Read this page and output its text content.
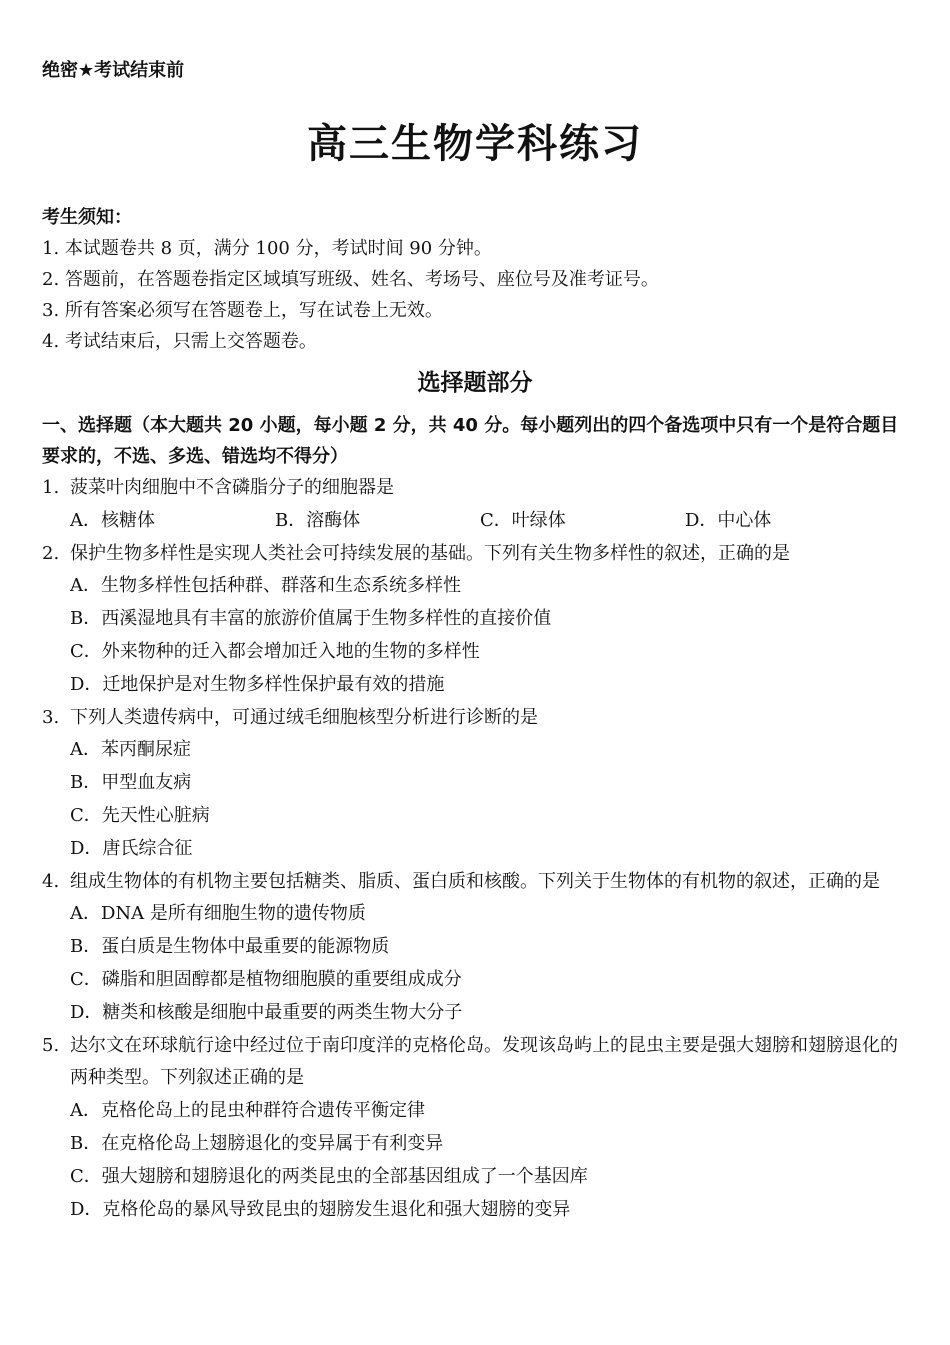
绝密★考试结束前
高三生物学科练习
考生须知：
1. 本试题卷共 8 页，满分 100 分，考试时间 90 分钟。
2. 答题前，在答题卷指定区域填写班级、姓名、考场号、座位号及准考证号。
3. 所有答案必须写在答题卷上，写在试卷上无效。
4. 考试结束后，只需上交答题卷。
选择题部分
一、选择题（本大题共 20 小题，每小题 2 分，共 40 分。每小题列出的四个备选项中只有一个是符合题目要求的，不选、多选、错选均不得分）
1. 菠菜叶肉细胞中不含磷脂分子的细胞器是
A．核糖体	B．溶酶体	C．叶绿体	D．中心体
2. 保护生物多样性是实现人类社会可持续发展的基础。下列有关生物多样性的叙述，正确的是
A．生物多样性包括种群、群落和生态系统多样性
B．西溪湿地具有丰富的旅游价值属于生物多样性的直接价值
C．外来物种的迁入都会增加迁入地的生物的多样性
D．迁地保护是对生物多样性保护最有效的措施
3. 下列人类遗传病中，可通过绒毛细胞核型分析进行诊断的是
A．苯丙酮尿症
B．甲型血友病
C．先天性心脏病
D．唐氏综合征
4. 组成生物体的有机物主要包括糖类、脂质、蛋白质和核酸。下列关于生物体的有机物的叙述，正确的是
A．DNA 是所有细胞生物的遗传物质
B．蛋白质是生物体中最重要的能源物质
C．磷脂和胆固醇都是植物细胞膜的重要组成成分
D．糖类和核酸是细胞中最重要的两类生物大分子
5. 达尔文在环球航行途中经过位于南印度洋的克格伦岛。发现该岛屿上的昆虫主要是强大翅膀和翅膀退化的两种类型。下列叙述正确的是
A．克格伦岛上的昆虫种群符合遗传平衡定律
B．在克格伦岛上翅膀退化的变异属于有利变异
C．强大翅膀和翅膀退化的两类昆虫的全部基因组成了一个基因库
D．克格伦岛的暴风导致昆虫的翅膀发生退化和强大翅膀的变异
